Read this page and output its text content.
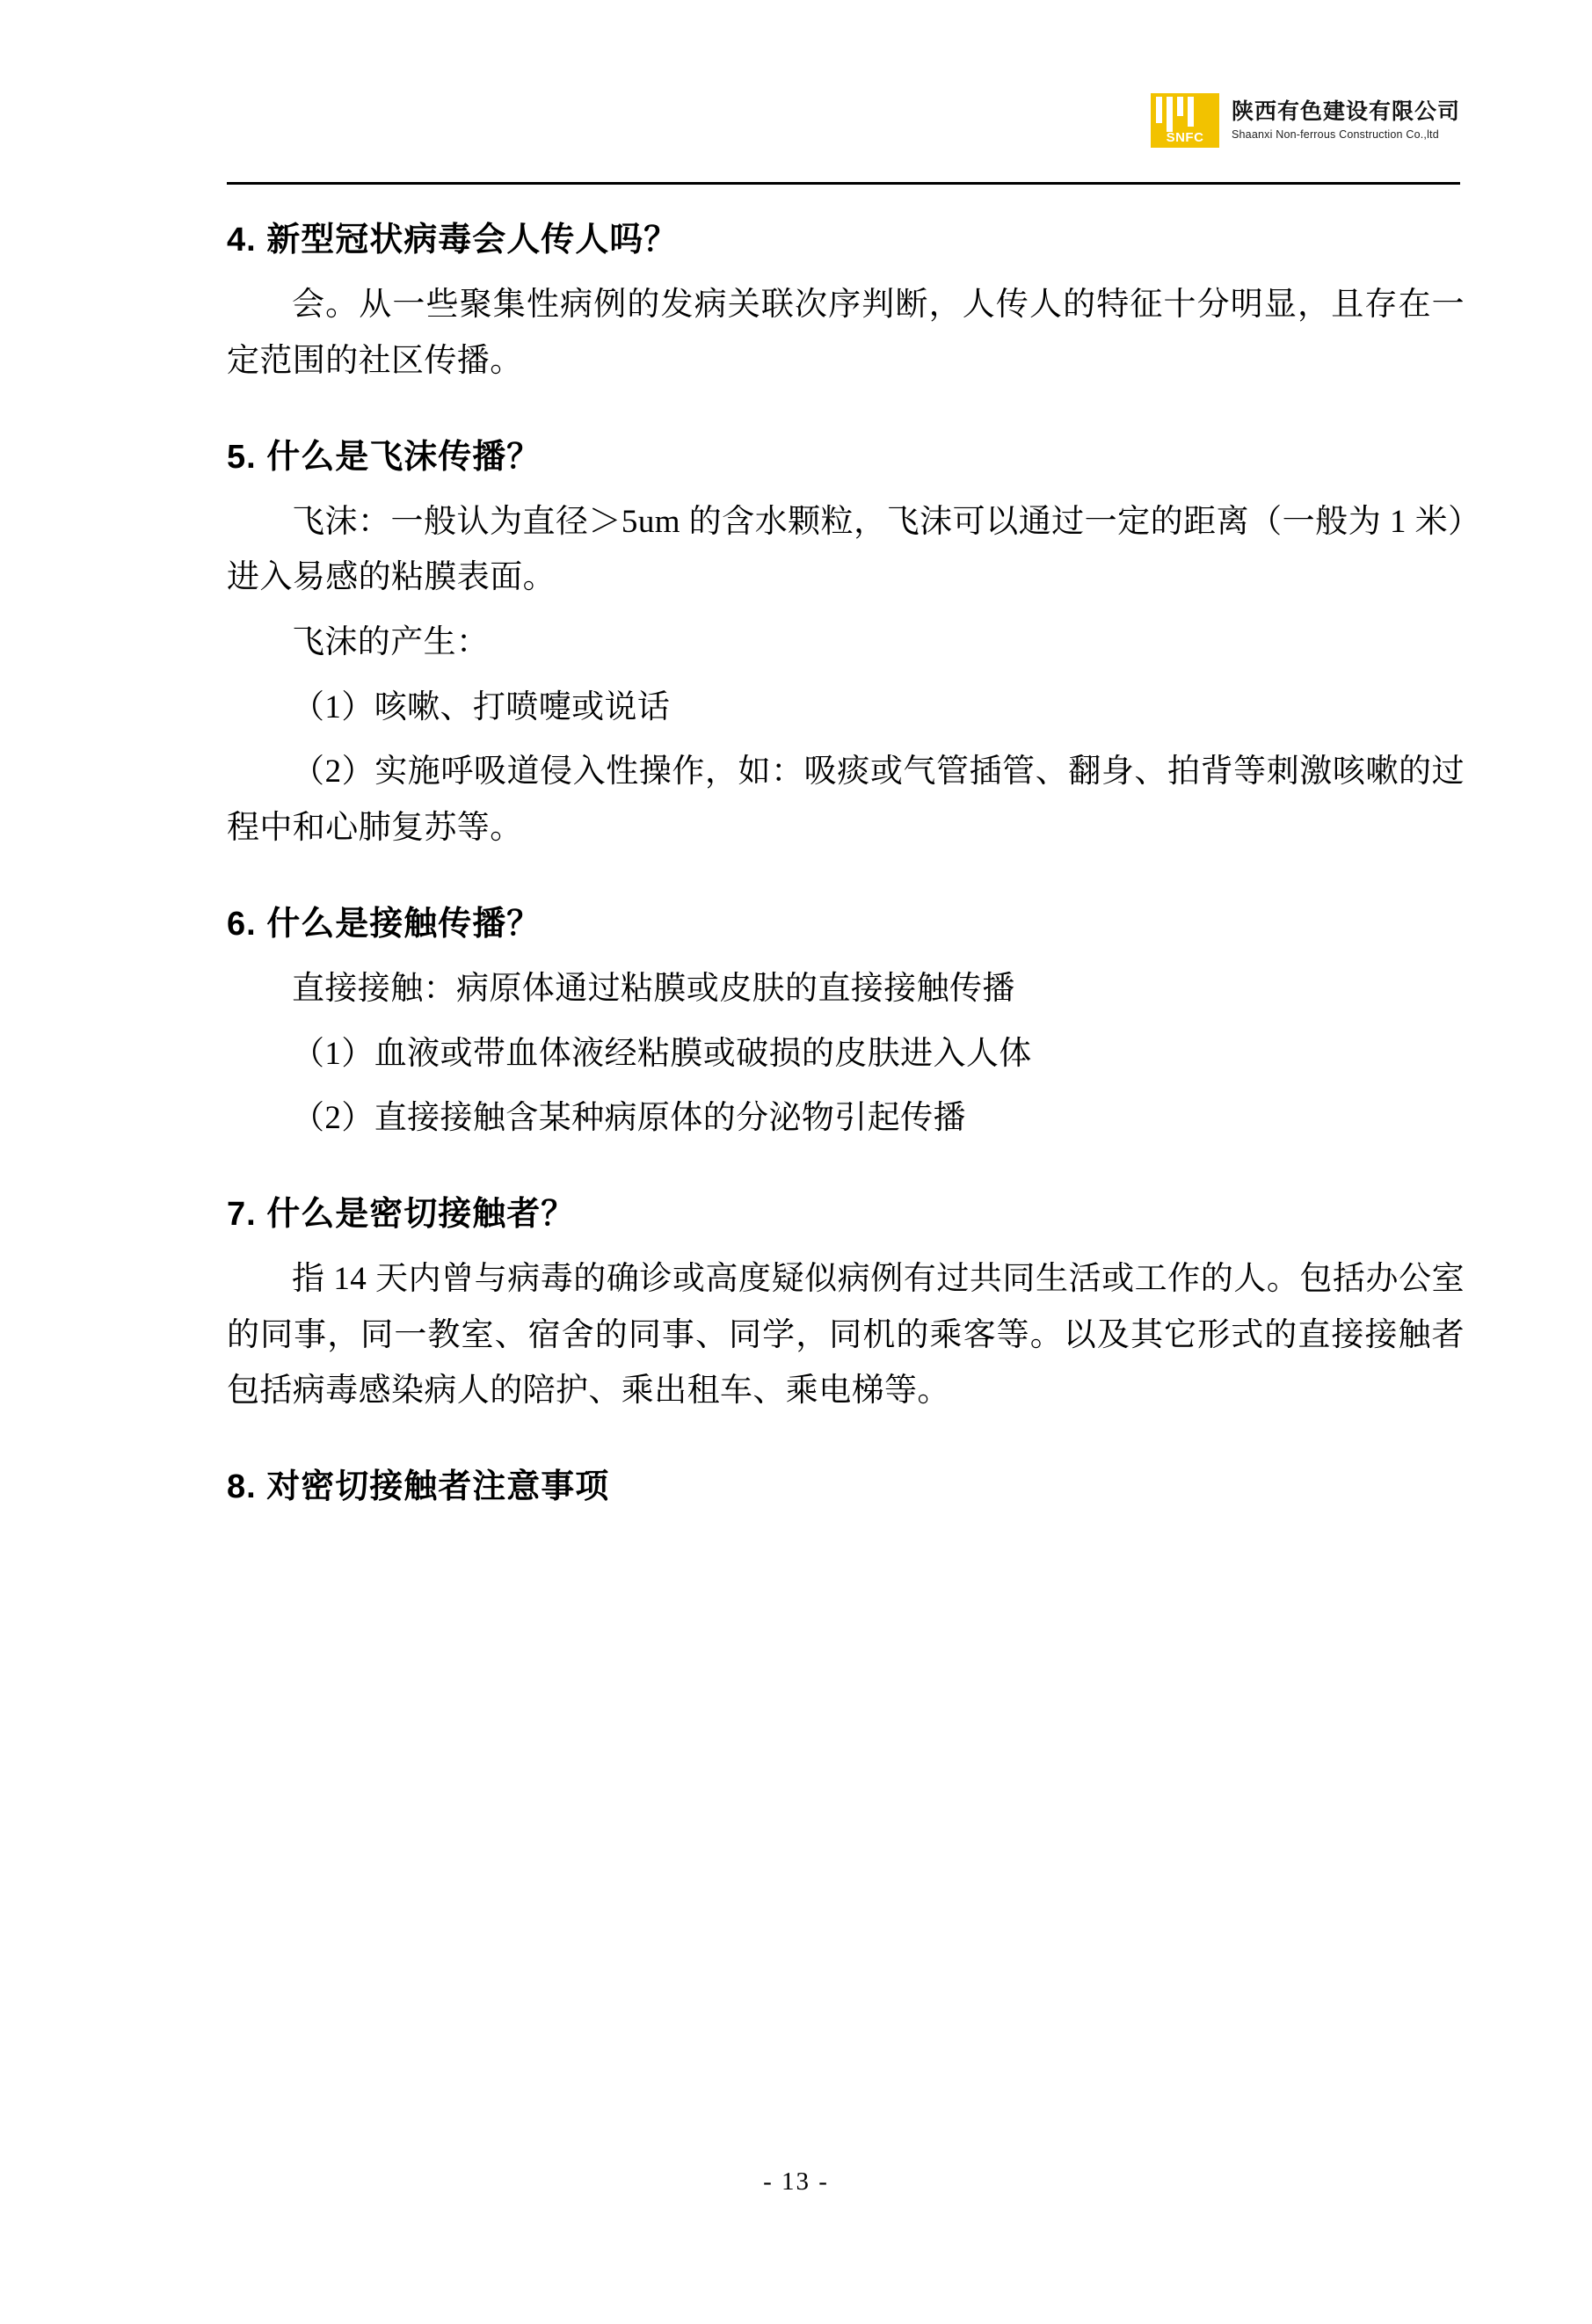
SNFC
陕西有色建设有限公司
Shaanxi Non-ferrous Construction Co.,ltd

4. 新型冠状病毒会人传人吗？

会。从一些聚集性病例的发病关联次序判断，人传人的特征十分明显，且存在一定范围的社区传播。

5. 什么是飞沫传播？

飞沫：一般认为直径＞5um 的含水颗粒，飞沫可以通过一定的距离（一般为 1 米）进入易感的粘膜表面。

飞沫的产生：

（1）咳嗽、打喷嚏或说话

（2）实施呼吸道侵入性操作，如：吸痰或气管插管、翻身、拍背等刺激咳嗽的过程中和心肺复苏等。

6. 什么是接触传播？

直接接触：病原体通过粘膜或皮肤的直接接触传播

（1）血液或带血体液经粘膜或破损的皮肤进入人体

（2）直接接触含某种病原体的分泌物引起传播

7. 什么是密切接触者？

指 14 天内曾与病毒的确诊或高度疑似病例有过共同生活或工作的人。包括办公室的同事，同一教室、宿舍的同事、同学，同机的乘客等。以及其它形式的直接接触者包括病毒感染病人的陪护、乘出租车、乘电梯等。

8. 对密切接触者注意事项

- 13 -
